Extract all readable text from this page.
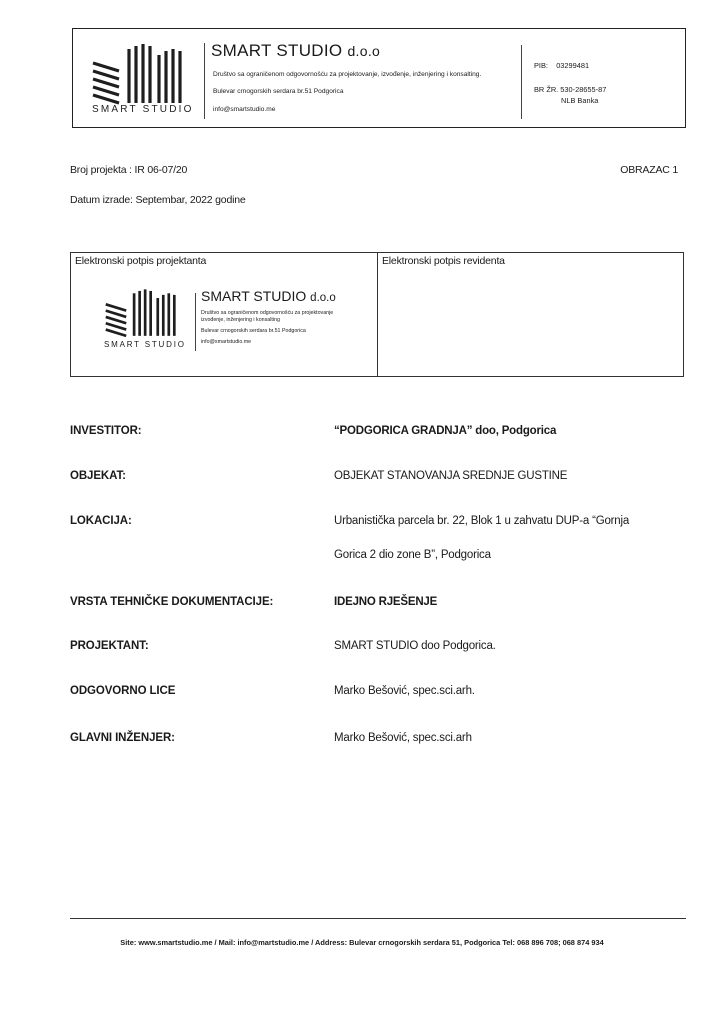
SMART STUDIO
SMART STUDIO d.o.o
Društvo sa ograničenom odgovornošću za projektovanje, izvođenje, inženjering i konsalting.
Bulevar crnogorskih serdara br.51 Podgorica
info@smartstudio.me
PIB: 03299481
BR ŽR. 530-28655-87
NLB Banka
Broj projekta : IR 06-07/20	OBRAZAC 1
Datum izrade: Septembar, 2022 godine
Elektronski potpis projektanta	Elektronski potpis revidenta
SMART STUDIO
SMART STUDIO d.o.o
Društvo sa ograničenom odgovornošću za projektovanje
izvođenje, inženjering i konsalting
Bulevar crnogorskih serdara br.51 Podgorica
info@smartstudio.me
INVESTITOR:	“PODGORICA GRADNJA” doo, Podgorica
OBJEKAT:	OBJEKAT STANOVANJA SREDNJE GUSTINE
LOKACIJA:	Urbanistička parcela br. 22, Blok 1 u zahvatu DUP-a “Gornja
Gorica 2 dio zone B”, Podgorica
VRSTA TEHNIČKE DOKUMENTACIJE:	IDEJNO RJEŠENJE
PROJEKTANT:	SMART STUDIO doo Podgorica.
ODGOVORNO LICE	Marko Bešović, spec.sci.arh.
GLAVNI INŽENJER:	Marko Bešović, spec.sci.arh
Site: www.smartstudio.me / Mail: info@martstudio.me / Address: Bulevar crnogorskih serdara 51, Podgorica Tel: 068 896 708; 068 874 934
